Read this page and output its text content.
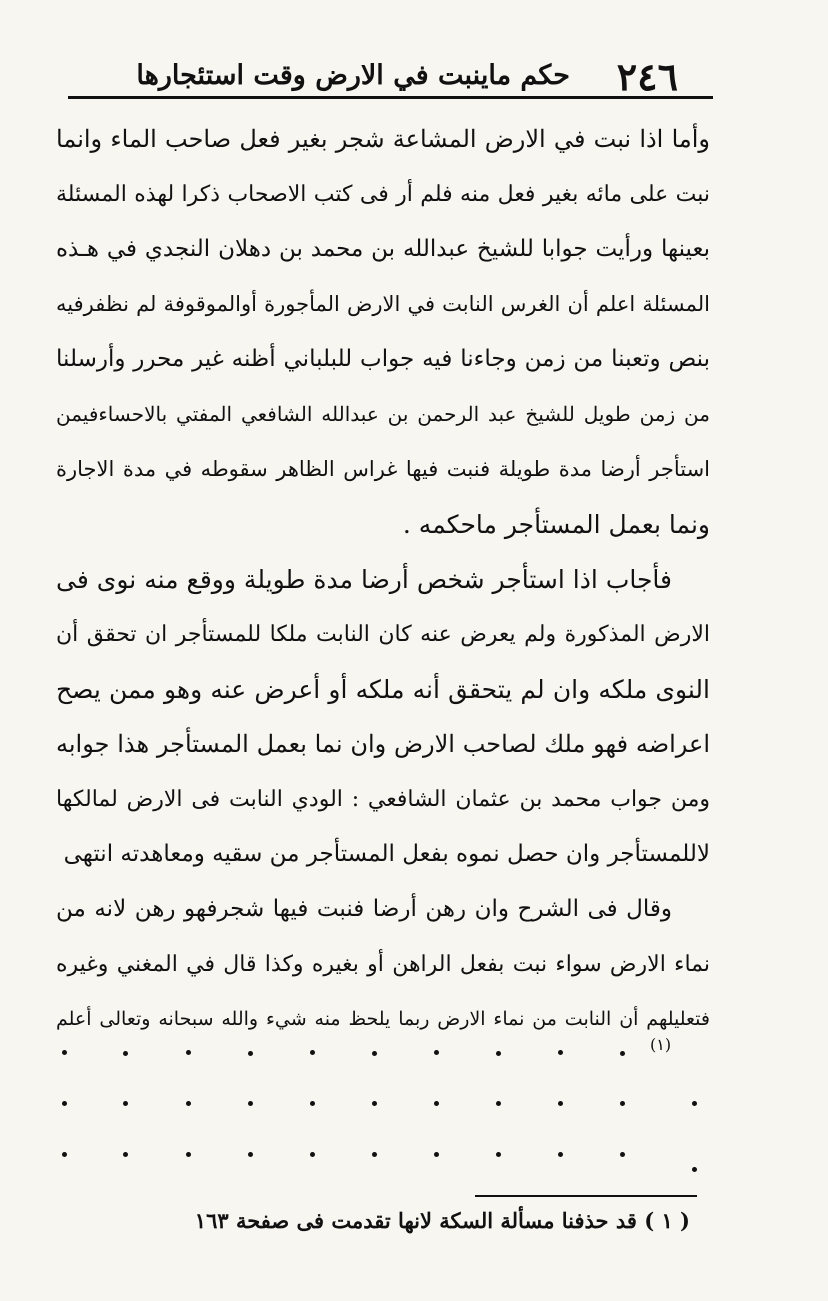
٢٤٦
حكم ماينبت في الارض وقت استئجارها
وأما اذا نبت في الارض المشاعة شجر بغير فعل صاحب الماء وانما
نبت على مائه بغير فعل منه فلم أر فى كتب الاصحاب ذكرا لهذه المسئلة
بعينها ورأيت جوابا للشيخ عبدالله بن محمد بن دهلان النجدي في هـذه
المسئلة اعلم أن الغرس النابت في الارض المأجورة أوالموقوفة لم نظفرفيه
بنص وتعبنا من زمن وجاءنا فيه جواب للبلباني أظنه غير محرر وأرسلنا
من زمن طويل للشيخ عبد الرحمن بن عبدالله الشافعي المفتي بالاحساءفيمن
استأجر أرضا مدة طويلة فنبت فيها غراس الظاهر سقوطه في مدة الاجارة
ونما بعمل المستأجر ماحكمه .
فأجاب اذا استأجر شخص أرضا مدة طويلة ووقع منه نوى فى
الارض المذكورة ولم يعرض عنه كان النابت ملكا للمستأجر ان تحقق أن
النوى ملكه وان لم يتحقق أنه ملكه أو أعرض عنه وهو ممن يصح
اعراضه فهو ملك لصاحب الارض وان نما بعمل المستأجر هذا جوابه
ومن جواب محمد بن عثمان الشافعي : الودي النابت فى الارض لمالكها
لاللمستأجر وان حصل نموه بفعل المستأجر من سقيه ومعاهدته انتهى
وقال فى الشرح وان رهن أرضا فنبت فيها شجرفهو رهن لانه من
نماء الارض سواء نبت بفعل الراهن أو بغيره وكذا قال في المغني وغيره
فتعليلهم أن النابت من نماء الارض ربما يلحظ منه شيء والله سبحانه وتعالى أعلم
(١)
( ١ ) قد حذفنا مسألة السكة لانها تقدمت فى صفحة ١٦٣
